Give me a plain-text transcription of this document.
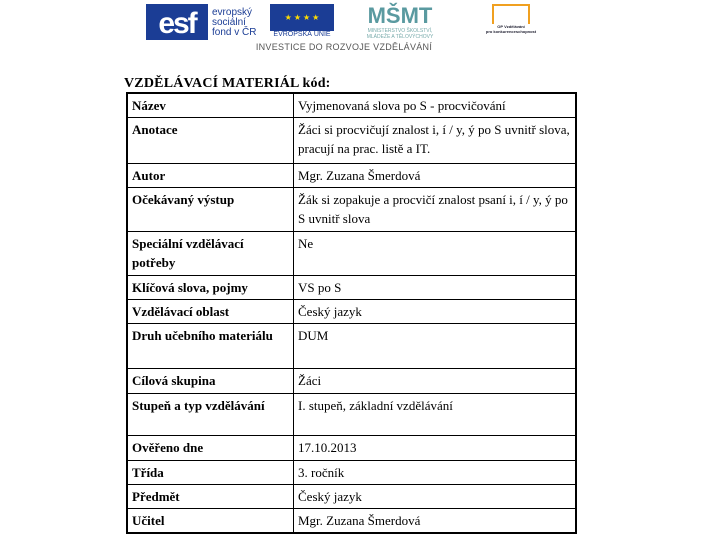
esf	evropský
sociální
fond v ČR
★ ★ ★ ★
EVROPSKÁ UNIE
MŠMT
MINISTERSTVO ŠKOLSTVÍ,
MLÁDEŽE A TĚLOVÝCHOVY
OP Vzdělávání
pro konkurenceschopnost
INVESTICE DO ROZVOJE VZDĚLÁVÁNÍ
VZDĚLÁVACÍ MATERIÁL kód:
Název	Vyjmenovaná slova po S - procvičování
Anotace	Žáci si procvičují znalost i, í / y, ý po S uvnitř slova, pracují na prac. listě a IT.
Autor	Mgr. Zuzana Šmerdová
Očekávaný výstup	Žák si zopakuje a procvičí znalost psaní i, í / y, ý po S uvnitř slova
Speciální vzdělávací potřeby	Ne
Klíčová slova, pojmy	VS po S
Vzdělávací oblast	Český jazyk
Druh učebního materiálu	DUM
Cílová skupina	Žáci
Stupeň a typ vzdělávání	I. stupeň, základní vzdělávání
Ověřeno dne	17.10.2013
Třída	3. ročník
Předmět	Český jazyk
Učitel	Mgr. Zuzana Šmerdová
